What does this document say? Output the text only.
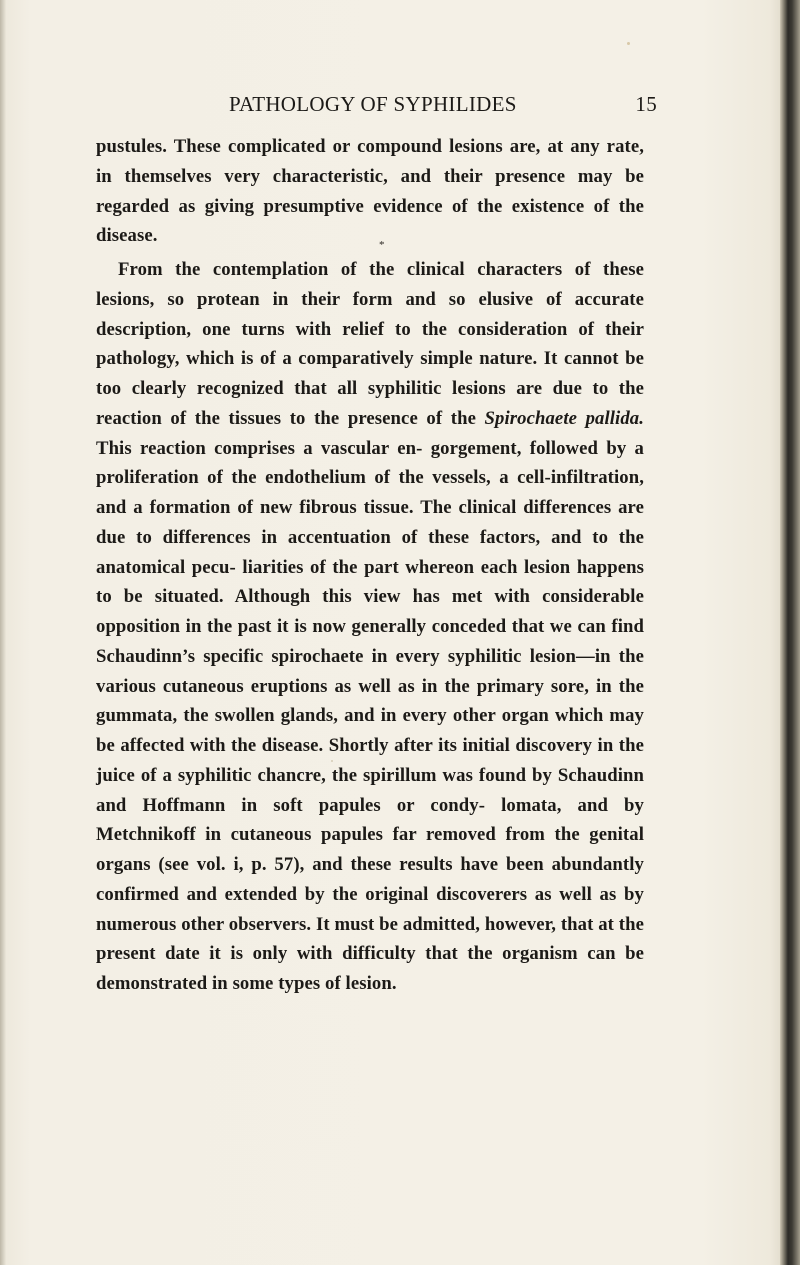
PATHOLOGY OF SYPHILIDES	15
*

pustules. These complicated or compound lesions are, at any rate, in themselves very characteristic, and their presence may be regarded as giving presumptive evidence of the existence of the disease.

From the contemplation of the clinical characters of these lesions, so protean in their form and so elusive of accurate description, one turns with relief to the consideration of their pathology, which is of a comparatively simple nature. It cannot be too clearly recognized that all syphilitic lesions are due to the reaction of the tissues to the presence of the Spirochaete pallida. This reaction comprises a vascular en- gorgement, followed by a proliferation of the endothelium of the vessels, a cell-infiltration, and a formation of new fibrous tissue. The clinical differences are due to differences in accentuation of these factors, and to the anatomical pecu- liarities of the part whereon each lesion happens to be situated. Although this view has met with considerable opposition in the past it is now generally conceded that we can find Schaudinn’s specific spirochaete in every syphilitic lesion—in the various cutaneous eruptions as well as in the primary sore, in the gummata, the swollen glands, and in every other organ which may be affected with the disease. Shortly after its initial discovery in the juice of a syphilitic chancre, the spirillum was found by Schaudinn and Hoffmann in soft papules or condy- lomata, and by Metchnikoff in cutaneous papules far removed from the genital organs (see vol. i, p. 57), and these results have been abundantly confirmed and extended by the original discoverers as well as by numerous other observers. It must be admitted, however, that at the present date it is only with difficulty that the organism can be demonstrated in some types of lesion.
